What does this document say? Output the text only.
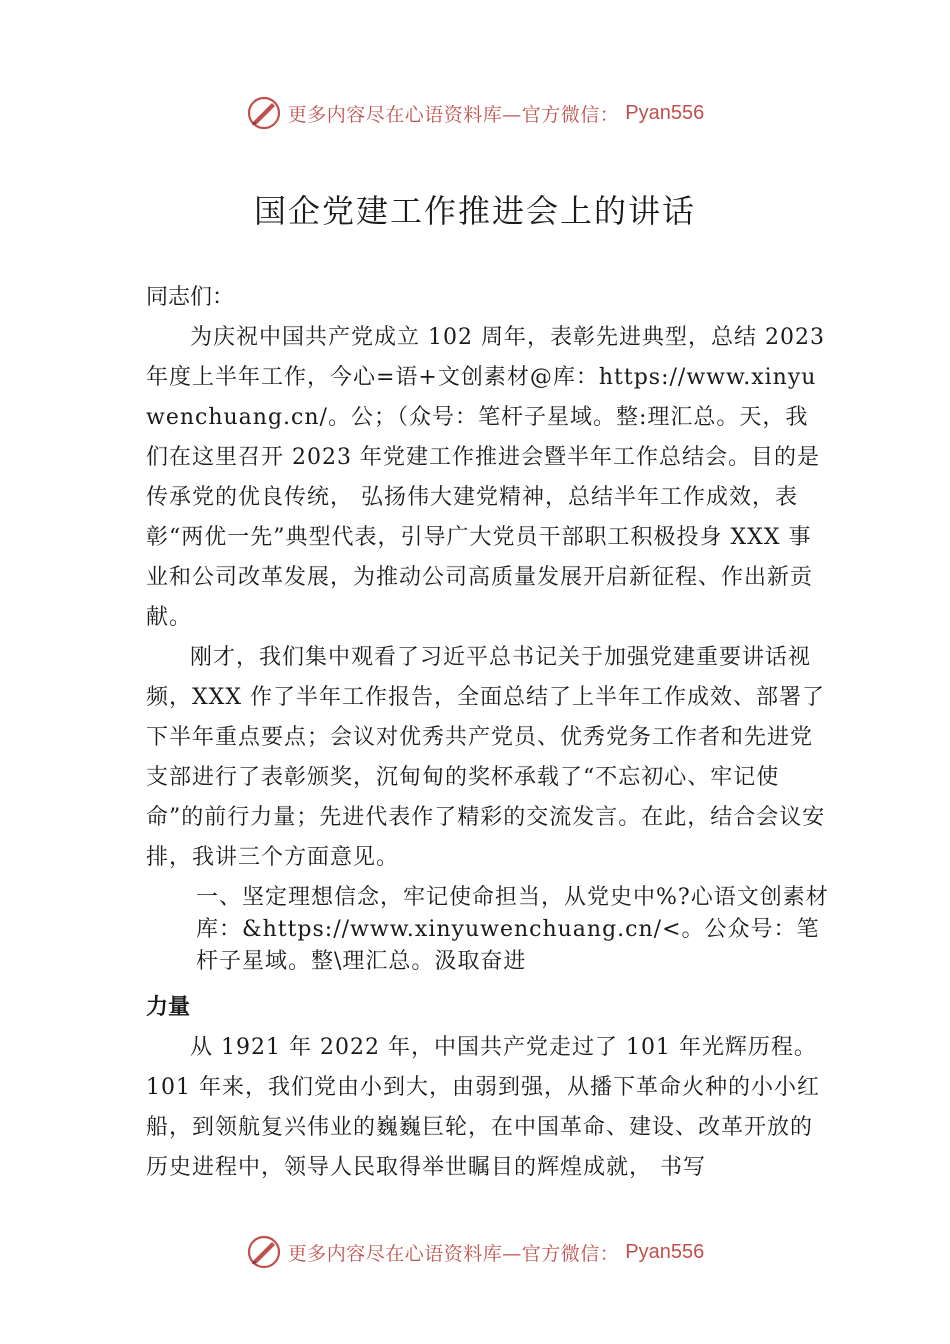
更多内容尽在心语资料库—官方微信： Pyan556
国企党建工作推进会上的讲话
同志们：

为庆祝中国共产党成立 102 周年，表彰先进典型，总结 2023 年度上半年工作，今心=语+文创素材@库：https://www.xinyuwenchuang.cn/。公；（众号：笔杆子星域。整:理汇总。天，我们在这里召开 2023 年党建工作推进会暨半年工作总结会。目的是传承党的优良传统， 弘扬伟大建党精神，总结半年工作成效，表彰“两优一先”典型代表，引导广大党员干部职工积极投身 XXX 事业和公司改革发展，为推动公司高质量发展开启新征程、作出新贡献。

刚才，我们集中观看了习近平总书记关于加强党建重要讲话视频，XXX 作了半年工作报告，全面总结了上半年工作成效、部署了下半年重点要点；会议对优秀共产党员、优秀党务工作者和先进党支部进行了表彰颁奖，沉甸甸的奖杯承载了“不忘初心、牢记使命”的前行力量；先进代表作了精彩的交流发言。在此，结合会议安排，我讲三个方面意见。

一、坚定理想信念，牢记使命担当，从党史中%?心语文创素材库：&https://www.xinyuwenchuang.cn/<。公众号：笔杆子星域。整\理汇总。汲取奋进
力量

从 1921 年 2022 年，中国共产党走过了 101 年光辉历程。101 年来，我们党由小到大，由弱到强，从播下革命火种的小小红船，到领航复兴伟业的巍巍巨轮，在中国革命、建设、改革开放的历史进程中，领导人民取得举世瞩目的辉煌成就， 书写

更多内容尽在心语资料库—官方微信： Pyan556
